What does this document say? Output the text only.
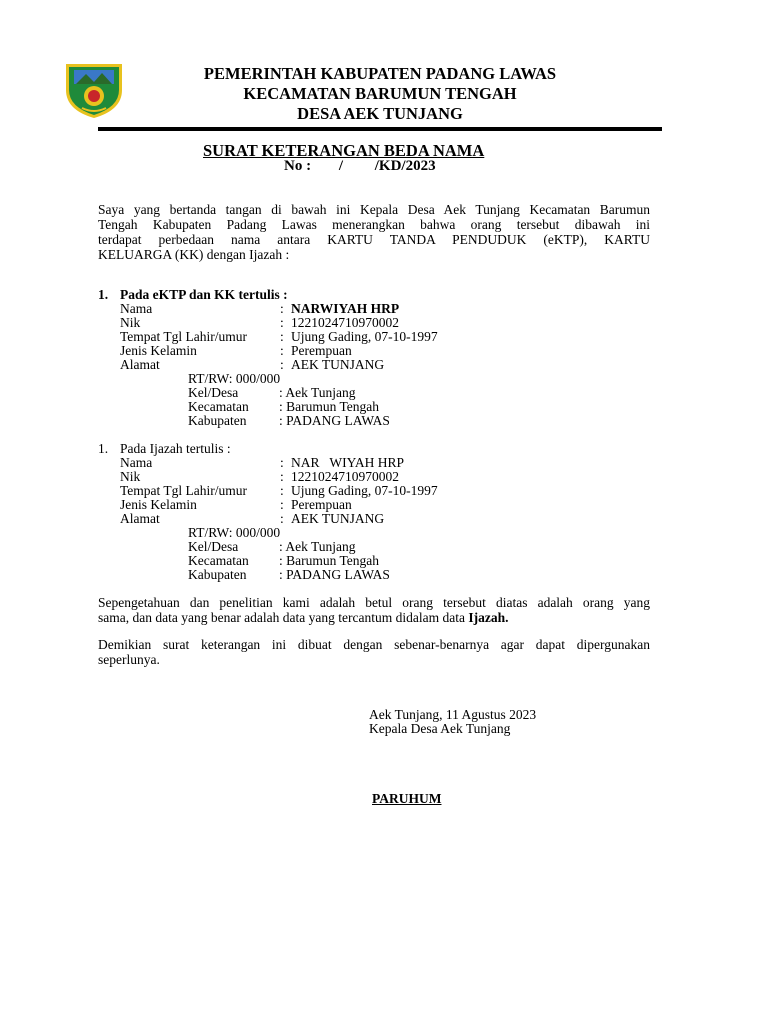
PEMERINTAH KABUPATEN PADANG LAWAS
KECAMATAN BARUMUN TENGAH
DESA AEK TUNJANG
SURAT KETERANGAN BEDA NAMA
No : / /KD/2023
Saya yang bertanda tangan di bawah ini Kepala Desa Aek Tunjang Kecamatan Barumun
Tengah Kabupaten Padang Lawas menerangkan bahwa orang tersebut dibawah ini
terdapat perbedaan nama antara KARTU TANDA PENDUDUK (eKTP), KARTU
KELUARGA (KK) dengan Ijazah :
1. Pada eKTP dan KK tertulis :
Nama	: NARWIYAH HRP
Nik	: 1221024710970002
Tempat Tgl Lahir/umur : Ujung Gading, 07-10-1997
Jenis Kelamin	: Perempuan
Alamat	: AEK TUNJANG
RT/RW: 000/000
Kel/Desa	: Aek Tunjang
Kecamatan : Barumun Tengah
Kabupaten : PADANG LAWAS
1. Pada Ijazah tertulis :
Nama	: NAR   WIYAH HRP
Nik	: 1221024710970002
Tempat Tgl Lahir/umur : Ujung Gading, 07-10-1997
Jenis Kelamin	: Perempuan
Alamat	: AEK TUNJANG
RT/RW: 000/000
Kel/Desa	: Aek Tunjang
Kecamatan : Barumun Tengah
Kabupaten : PADANG LAWAS
Sepengetahuan dan penelitian kami adalah betul orang tersebut diatas adalah orang yang
sama, dan data yang benar adalah data yang tercantum didalam data Ijazah.
Demikian surat keterangan ini dibuat dengan sebenar-benarnya agar dapat dipergunakan
seperlunya.
Aek Tunjang, 11 Agustus 2023
Kepala Desa Aek Tunjang
PARUHUM
